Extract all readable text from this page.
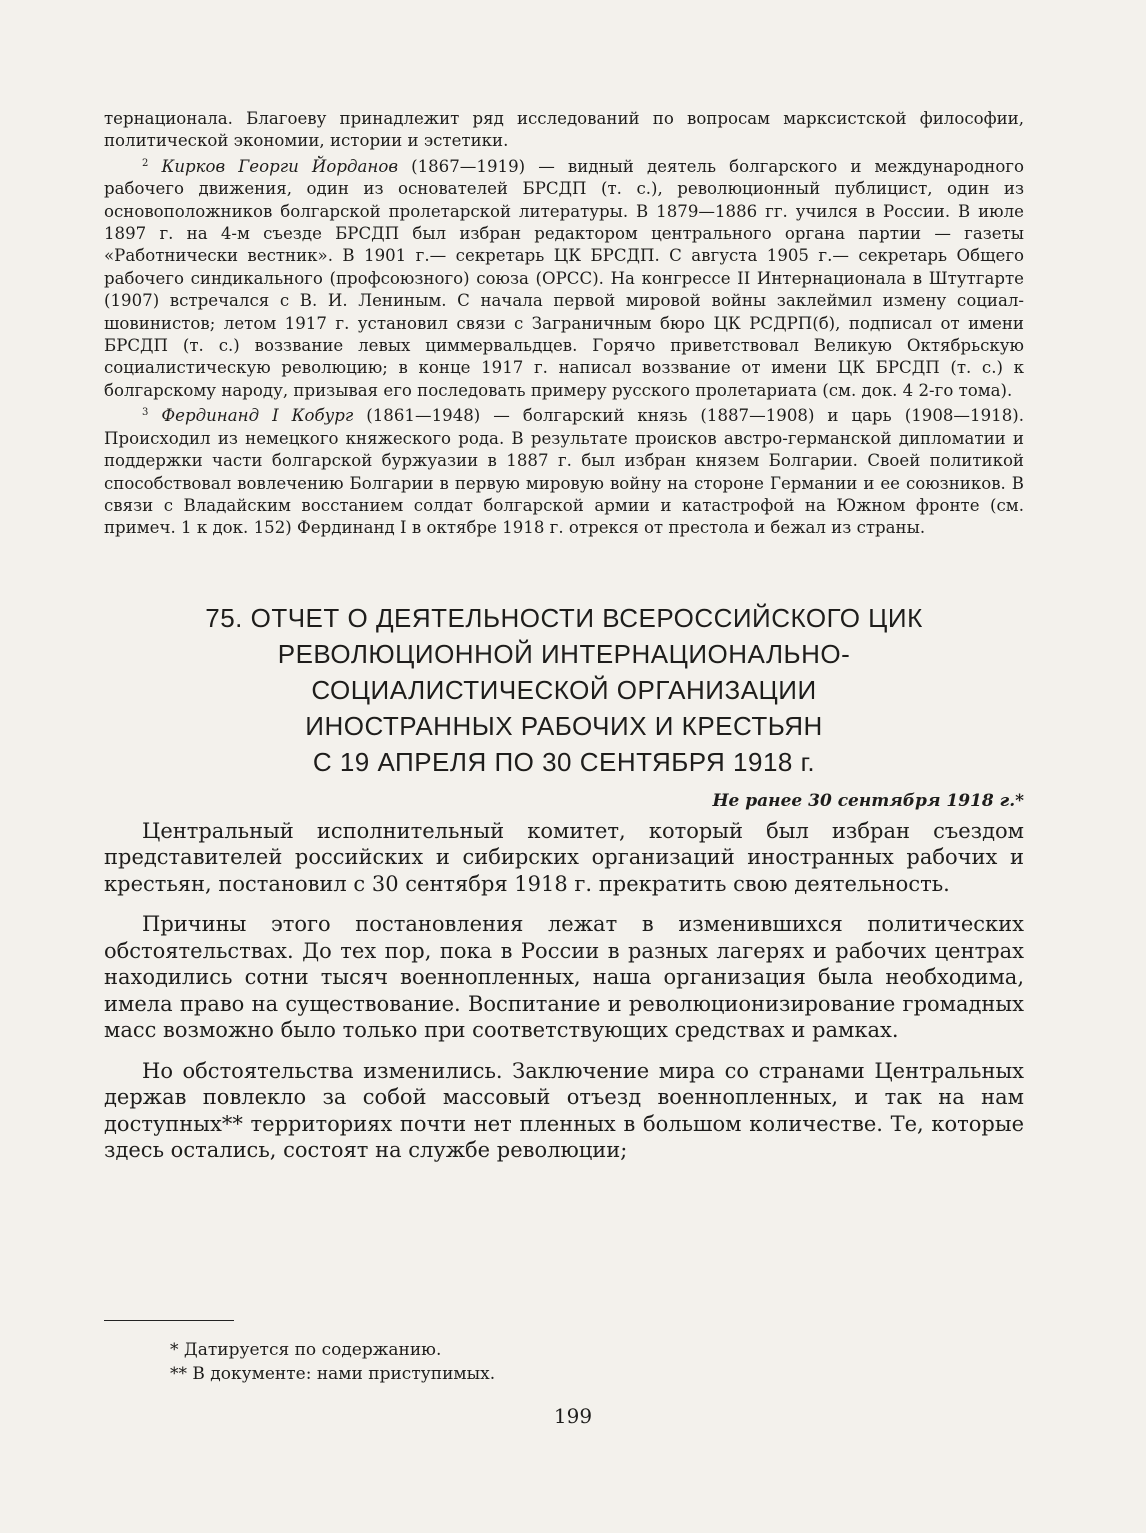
тернационала. Благоеву принадлежит ряд исследований по вопросам марксистской философии, политической экономии, истории и эстетики.

$^2$ Кирков Георги Йорданов (1867—1919) — видный деятель болгарского и международного рабочего движения, один из основателей БРСДП (т. с.), революционный публицист, один из основоположников болгарской пролетарской литературы. В 1879—1886 гг. учился в России. В июле 1897 г. на 4-м съезде БРСДП был избран редактором центрального органа партии — газеты «Работнически вестник». В 1901 г.— секретарь ЦК БРСДП. С августа 1905 г.— секретарь Общего рабочего синдикального (профсоюзного) союза (ОРСС). На конгрессе II Интернационала в Штутгарте (1907) встречался с В. И. Лениным. С начала первой мировой войны заклеймил измену социал-шовинистов; летом 1917 г. установил связи с Заграничным бюро ЦК РСДРП(б), подписал от имени БРСДП (т. с.) воззвание левых циммервальдцев. Горячо приветствовал Великую Октябрьскую социалистическую революцию; в конце 1917 г. написал воззвание от имени ЦК БРСДП (т. с.) к болгарскому народу, призывая его последовать примеру русского пролетариата (см. док. 4 2-го тома).

$^3$ Фердинанд I Кобург (1861—1948) — болгарский князь (1887—1908) и царь (1908—1918). Происходил из немецкого княжеского рода. В результате происков австро-германской дипломатии и поддержки части болгарской буржуазии в 1887 г. был избран князем Болгарии. Своей политикой способствовал вовлечению Болгарии в первую мировую войну на стороне Германии и ее союзников. В связи с Владайским восстанием солдат болгарской армии и катастрофой на Южном фронте (см. примеч. 1 к док. 152) Фердинанд I в октябре 1918 г. отрекся от престола и бежал из страны.

75. ОТЧЕТ О ДЕЯТЕЛЬНОСТИ ВСЕРОССИЙСКОГО ЦИК
РЕВОЛЮЦИОННОЙ ИНТЕРНАЦИОНАЛЬНО-
СОЦИАЛИСТИЧЕСКОЙ ОРГАНИЗАЦИИ
ИНОСТРАННЫХ РАБОЧИХ И КРЕСТЬЯН
С 19 АПРЕЛЯ ПО 30 СЕНТЯБРЯ 1918 г.
Не ранее 30 сентября 1918 г.*

Центральный исполнительный комитет, который был избран съездом представителей российских и сибирских организаций иностранных рабочих и крестьян, постановил с 30 сентября 1918 г. прекратить свою деятельность.

Причины этого постановления лежат в изменившихся политических обстоятельствах. До тех пор, пока в России в разных лагерях и рабочих центрах находились сотни тысяч военнопленных, наша организация была необходима, имела право на существование. Воспитание и революционизирование громадных масс возможно было только при соответствующих средствах и рамках.

Но обстоятельства изменились. Заключение мира со странами Центральных держав повлекло за собой массовый отъезд военнопленных, и так на нам доступных** территориях почти нет пленных в большом количестве. Те, которые здесь остались, состоят на службе революции;

* Датируется по содержанию.
** В документе: нами приступимых.
199
